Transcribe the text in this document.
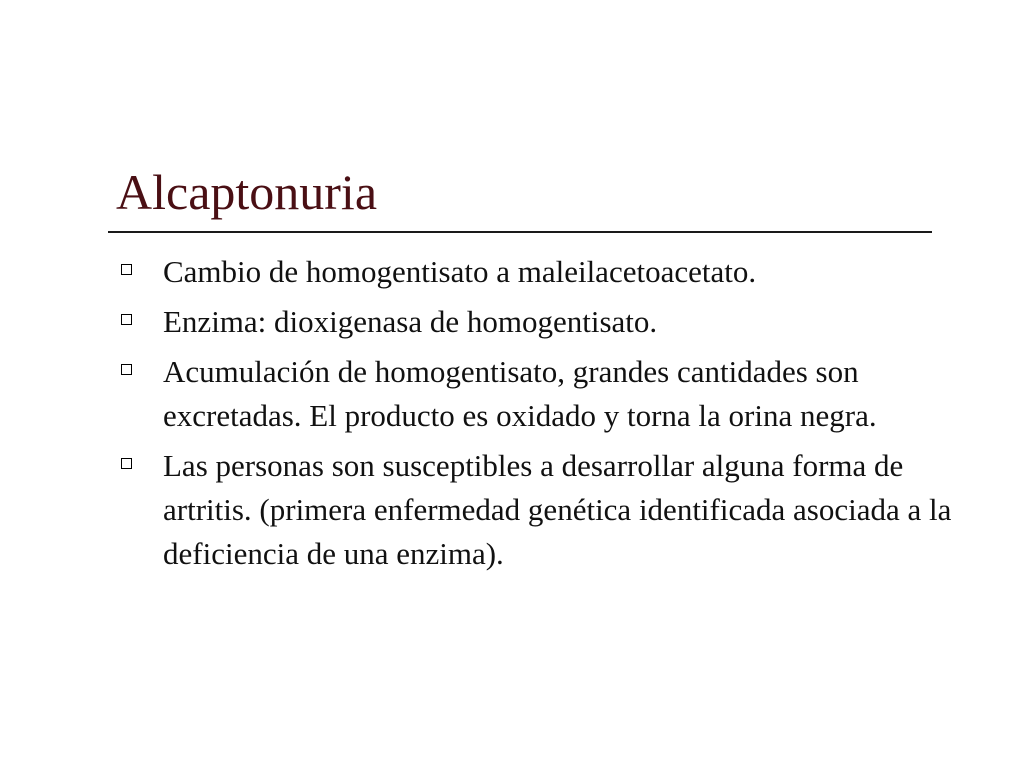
Alcaptonuria
Cambio de homogentisato a maleilacetoacetato.
Enzima: dioxigenasa de homogentisato.
Acumulación de homogentisato, grandes cantidades son excretadas. El producto es oxidado y torna la orina negra.
Las personas son susceptibles a desarrollar alguna forma de artritis. (primera enfermedad genética identificada asociada a la deficiencia de una enzima).
